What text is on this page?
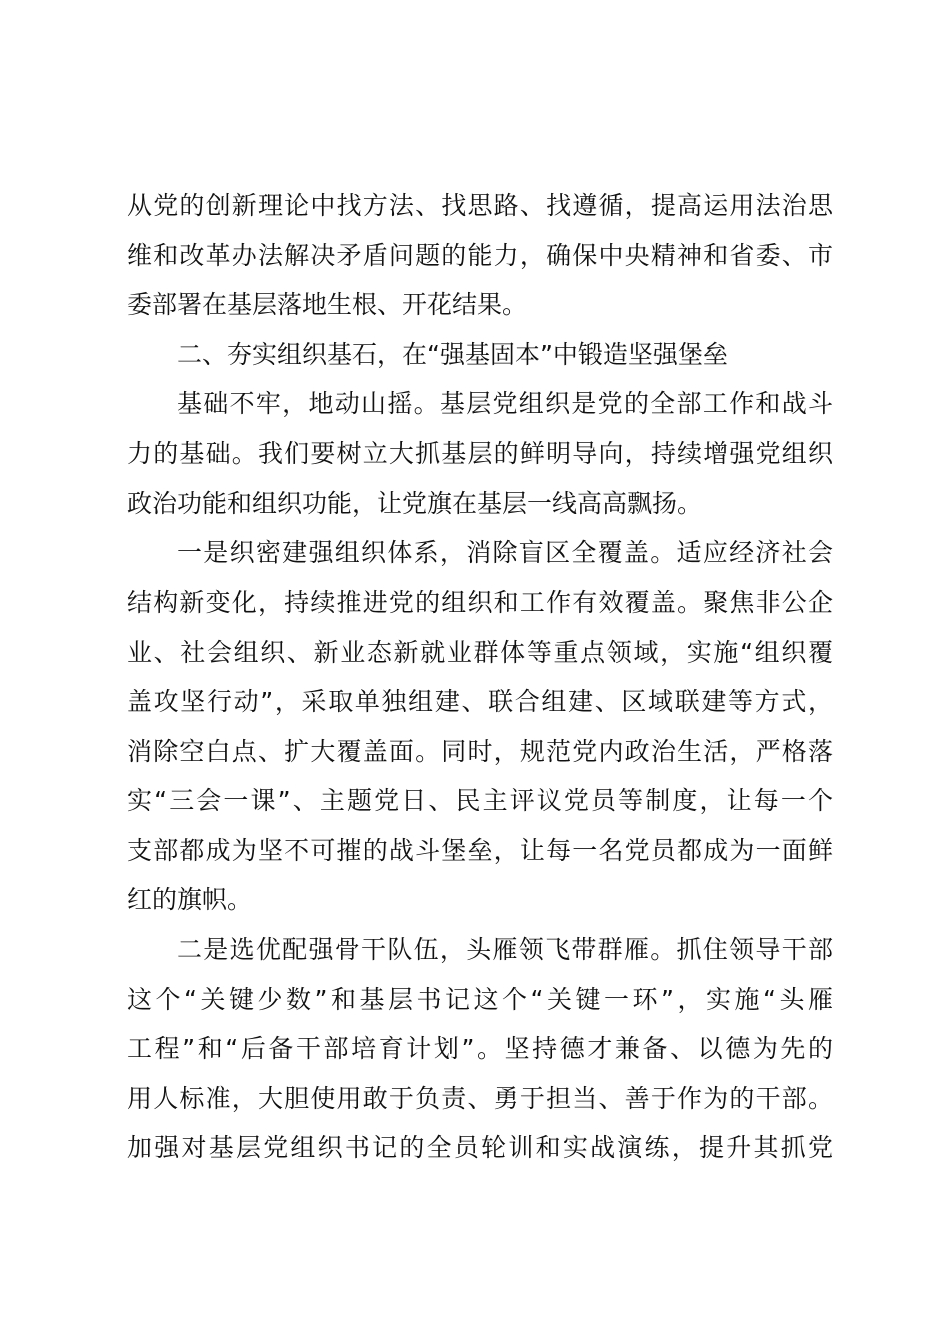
从党的创新理论中找方法、找思路、找遵循，提高运用法治思
维和改革办法解决矛盾问题的能力，确保中央精神和省委、市
委部署在基层落地生根、开花结果。
二、夯实组织基石，在“强基固本”中锻造坚强堡垒
基础不牢，地动山摇。基层党组织是党的全部工作和战斗
力的基础。我们要树立大抓基层的鲜明导向，持续增强党组织
政治功能和组织功能，让党旗在基层一线高高飘扬。
一是织密建强组织体系，消除盲区全覆盖。适应经济社会
结构新变化，持续推进党的组织和工作有效覆盖。聚焦非公企
业、社会组织、新业态新就业群体等重点领域，实施“组织覆
盖攻坚行动”，采取单独组建、联合组建、区域联建等方式，
消除空白点、扩大覆盖面。同时，规范党内政治生活，严格落
实“三会一课”、主题党日、民主评议党员等制度，让每一个
支部都成为坚不可摧的战斗堡垒，让每一名党员都成为一面鲜
红的旗帜。
二是选优配强骨干队伍，头雁领飞带群雁。抓住领导干部
这个“关键少数”和基层书记这个“关键一环”，实施“头雁
工程”和“后备干部培育计划”。坚持德才兼备、以德为先的
用人标准，大胆使用敢于负责、勇于担当、善于作为的干部。
加强对基层党组织书记的全员轮训和实战演练，提升其抓党
